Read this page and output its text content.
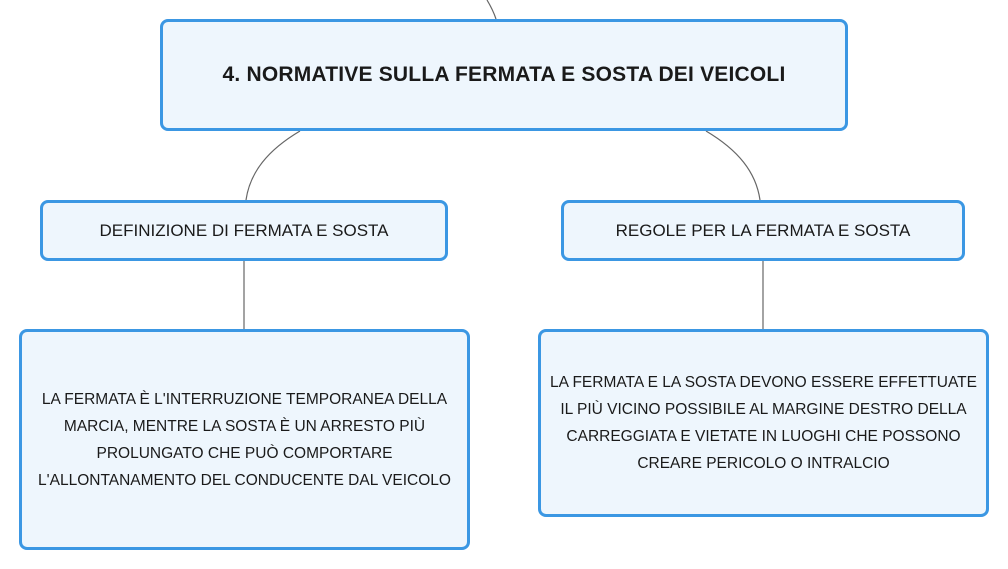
4. NORMATIVE SULLA FERMATA E SOSTA DEI VEICOLI
DEFINIZIONE DI FERMATA E SOSTA	REGOLE PER LA FERMATA E SOSTA
LA FERMATA È L'INTERRUZIONE TEMPORANEA DELLA MARCIA, MENTRE LA SOSTA È UN ARRESTO PIÙ PROLUNGATO CHE PUÒ COMPORTARE L'ALLONTANAMENTO DEL CONDUCENTE DAL VEICOLO
LA FERMATA E LA SOSTA DEVONO ESSERE EFFETTUATE IL PIÙ VICINO POSSIBILE AL MARGINE DESTRO DELLA CARREGGIATA E VIETATE IN LUOGHI CHE POSSONO CREARE PERICOLO O INTRALCIO
